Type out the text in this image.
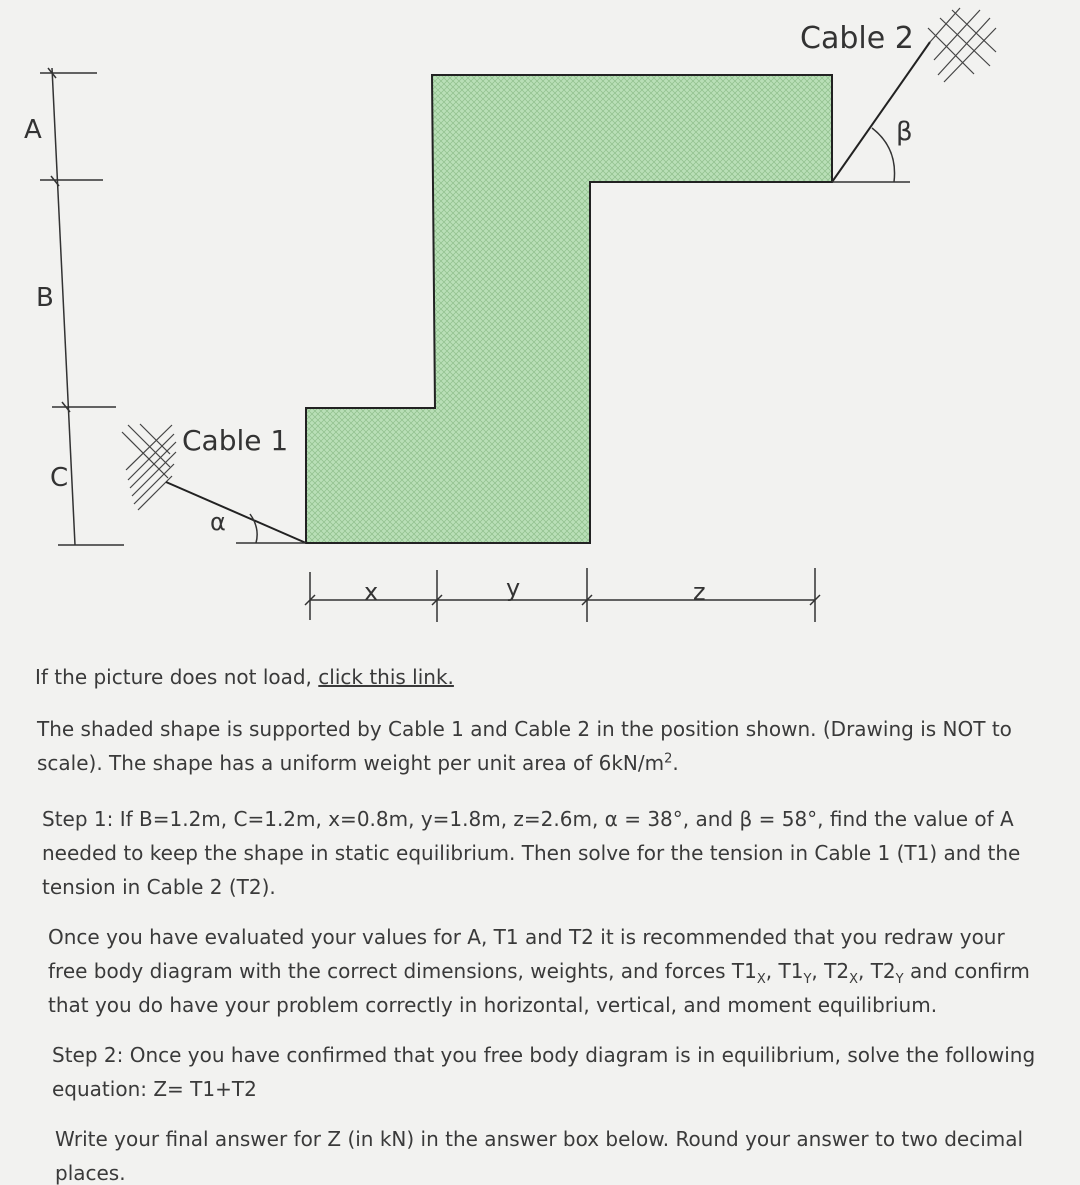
A
B
C
α
Cable 1
β
Cable 2
x	y	z

If the picture does not load, click this link.

The shaded shape is supported by Cable 1 and Cable 2 in the position shown. (Drawing is NOT to scale). The shape has a uniform weight per unit area of $6kN/m^2$.

Step 1: If B=1.2m, C=1.2m, x=0.8m, y=1.8m, z=2.6m, α = 38°, and β = 58°, find the value of A needed to keep the shape in static equilibrium. Then solve for the tension in Cable 1 (T1) and the tension in Cable 2 (T2).

Once you have evaluated your values for A, T1 and T2 it is recommended that you redraw your free body diagram with the correct dimensions, weights, and forces $T1_X$, $T1_Y$, $T2_X$, $T2_Y$ and confirm that you do have your problem correctly in horizontal, vertical, and moment equilibrium.

Step 2: Once you have confirmed that you free body diagram is in equilibrium, solve the following equation: Z= T1+T2

Write your final answer for Z (in kN) in the answer box below. Round your answer to two decimal places.
